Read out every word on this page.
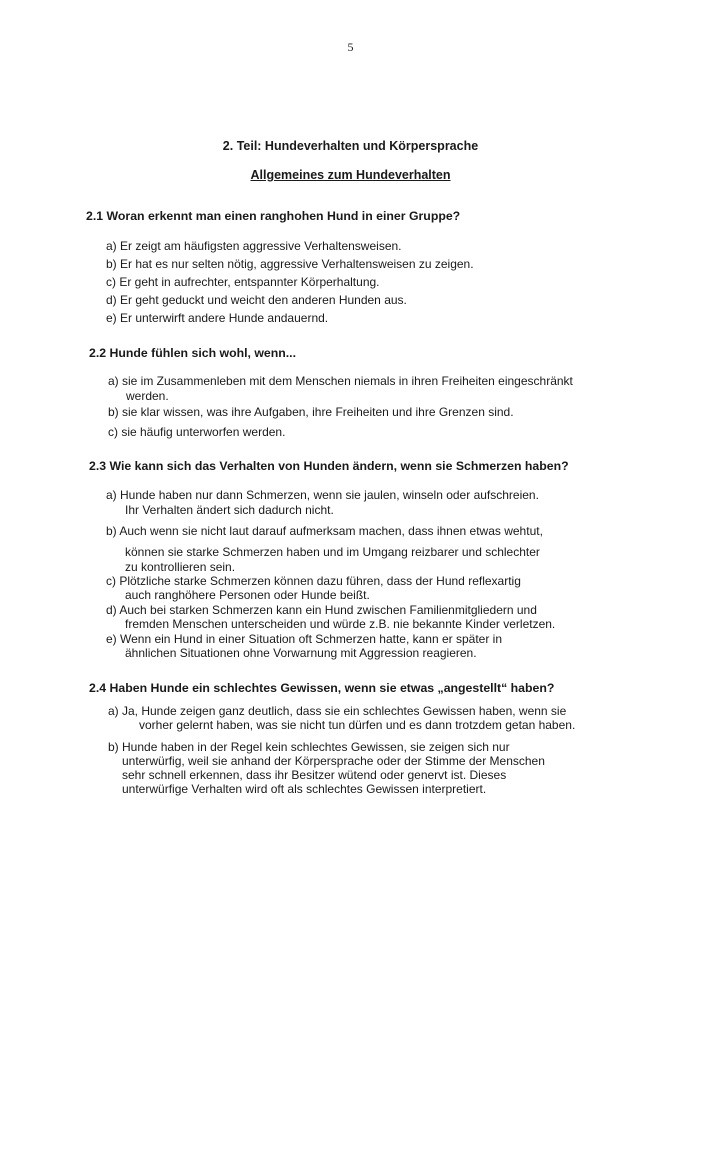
5
2. Teil: Hundeverhalten und Körpersprache
Allgemeines zum Hundeverhalten
2.1 Woran erkennt man einen ranghohen Hund in einer Gruppe?
a) Er zeigt am häufigsten aggressive Verhaltensweisen.
b) Er hat es nur selten nötig, aggressive Verhaltensweisen zu zeigen.
c) Er geht in aufrechter, entspannter Körperhaltung.
d) Er geht geduckt und weicht den anderen Hunden aus.
e) Er unterwirft andere Hunde andauernd.
2.2 Hunde fühlen sich wohl, wenn...
a) sie im Zusammenleben mit dem Menschen niemals in ihren Freiheiten eingeschränkt
werden.
b) sie klar wissen, was ihre Aufgaben, ihre Freiheiten und ihre Grenzen sind.
c) sie häufig unterworfen werden.
2.3 Wie kann sich das Verhalten von Hunden ändern, wenn sie Schmerzen haben?
a) Hunde haben nur dann Schmerzen, wenn sie jaulen, winseln oder aufschreien.
Ihr Verhalten ändert sich dadurch nicht.
b) Auch wenn sie nicht laut darauf aufmerksam machen, dass ihnen etwas wehtut,
können sie starke Schmerzen haben und im Umgang reizbarer und schlechter
zu kontrollieren sein.
c) Plötzliche starke Schmerzen können dazu führen, dass der Hund reflexartig
auch ranghöhere Personen oder Hunde beißt.
d) Auch bei starken Schmerzen kann ein Hund zwischen Familienmitgliedern und
fremden Menschen unterscheiden und würde z.B. nie bekannte Kinder verletzen.
e) Wenn ein Hund in einer Situation oft Schmerzen hatte, kann er später in
ähnlichen Situationen ohne Vorwarnung mit Aggression reagieren.
2.4 Haben Hunde ein schlechtes Gewissen, wenn sie etwas „angestellt“ haben?
a) Ja, Hunde zeigen ganz deutlich, dass sie ein schlechtes Gewissen haben, wenn sie
vorher gelernt haben, was sie nicht tun dürfen und es dann trotzdem getan haben.
b) Hunde haben in der Regel kein schlechtes Gewissen, sie zeigen sich nur
unterwürfig, weil sie anhand der Körpersprache oder der Stimme der Menschen
sehr schnell erkennen, dass ihr Besitzer wütend oder genervt ist. Dieses
unterwürfige Verhalten wird oft als schlechtes Gewissen interpretiert.
